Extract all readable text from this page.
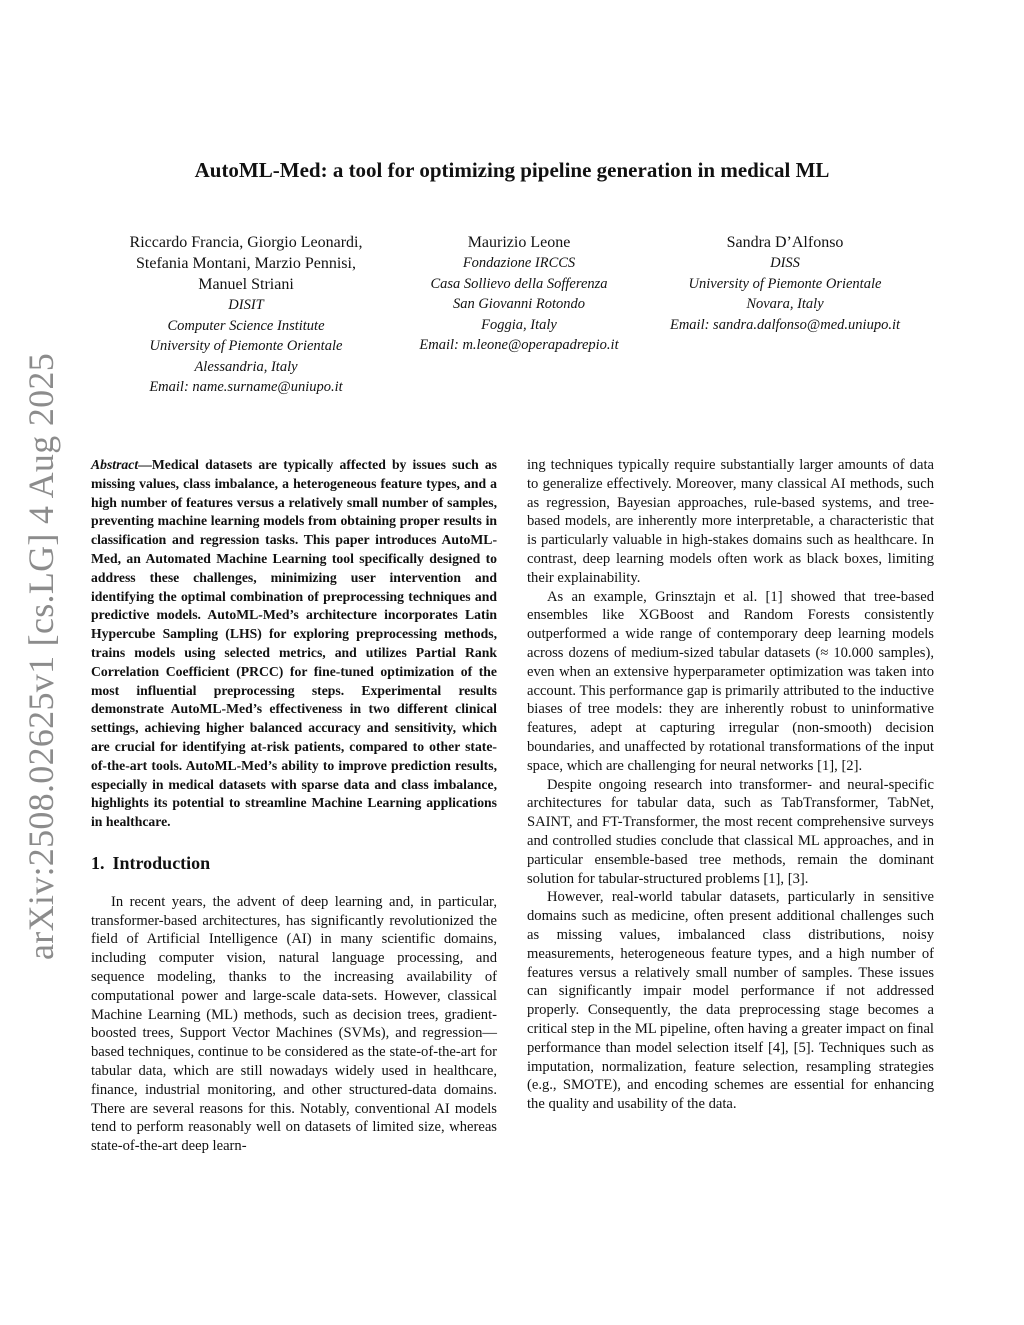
arXiv:2508.02625v1 [cs.LG] 4 Aug 2025
AutoML-Med: a tool for optimizing pipeline generation in medical ML
Riccardo Francia, Giorgio Leonardi,
Stefania Montani, Marzio Pennisi,
Manuel Striani
DISIT
Computer Science Institute
University of Piemonte Orientale
Alessandria, Italy
Email: name.surname@uniupo.it
Maurizio Leone
Fondazione IRCCS
Casa Sollievo della Sofferenza
San Giovanni Rotondo
Foggia, Italy
Email: m.leone@operapadrepio.it
Sandra D’Alfonso
DISS
University of Piemonte Orientale
Novara, Italy
Email: sandra.dalfonso@med.uniupo.it

Abstract—Medical datasets are typically affected by issues such as missing values, class imbalance, a heterogeneous feature types, and a high number of features versus a relatively small number of samples, preventing machine learning models from obtaining proper results in classification and regression tasks. This paper introduces AutoML-Med, an Automated Machine Learning tool specifically designed to address these challenges, minimizing user intervention and identifying the optimal combination of preprocessing techniques and predictive models. AutoML-Med’s architecture incorporates Latin Hypercube Sampling (LHS) for exploring preprocessing methods, trains models using selected metrics, and utilizes Partial Rank Correlation Coefficient (PRCC) for fine-tuned optimization of the most influential preprocessing steps. Experimental results demonstrate AutoML-Med’s effectiveness in two different clinical settings, achieving higher balanced accuracy and sensitivity, which are crucial for identifying at-risk patients, compared to other state-of-the-art tools. AutoML-Med’s ability to improve prediction results, especially in medical datasets with sparse data and class imbalance, highlights its potential to streamline Machine Learning applications in healthcare.

1. Introduction

In recent years, the advent of deep learning and, in particular, transformer-based architectures, has significantly revolutionized the field of Artificial Intelligence (AI) in many scientific domains, including computer vision, natural language processing, and sequence modeling, thanks to the increasing availability of computational power and large-scale data-sets. However, classical Machine Learning (ML) methods, such as decision trees, gradient-boosted trees, Support Vector Machines (SVMs), and regression—based techniques, continue to be considered as the state-of-the-art for tabular data, which are still nowadays widely used in healthcare, finance, industrial monitoring, and other structured-data domains. There are several reasons for this. Notably, conventional AI models tend to perform reasonably well on datasets of limited size, whereas state-of-the-art deep learn-

ing techniques typically require substantially larger amounts of data to generalize effectively. Moreover, many classical AI methods, such as regression, Bayesian approaches, rule-based systems, and tree-based models, are inherently more interpretable, a characteristic that is particularly valuable in high-stakes domains such as healthcare. In contrast, deep learning models often work as black boxes, limiting their explainability.

As an example, Grinsztajn et al. [1] showed that tree-based ensembles like XGBoost and Random Forests consistently outperformed a wide range of contemporary deep learning models across dozens of medium-sized tabular datasets (≈ 10.000 samples), even when an extensive hyperparameter optimization was taken into account. This performance gap is primarily attributed to the inductive biases of tree models: they are inherently robust to uninformative features, adept at capturing irregular (non-smooth) decision boundaries, and unaffected by rotational transformations of the input space, which are challenging for neural networks [1], [2].

Despite ongoing research into transformer- and neural-specific architectures for tabular data, such as TabTransformer, TabNet, SAINT, and FT-Transformer, the most recent comprehensive surveys and controlled studies conclude that classical ML approaches, and in particular ensemble-based tree methods, remain the dominant solution for tabular-structured problems [1], [3].

However, real-world tabular datasets, particularly in sensitive domains such as medicine, often present additional challenges such as missing values, imbalanced class distributions, noisy measurements, heterogeneous feature types, and a high number of features versus a relatively small number of samples. These issues can significantly impair model performance if not addressed properly. Consequently, the data preprocessing stage becomes a critical step in the ML pipeline, often having a greater impact on final performance than model selection itself [4], [5]. Techniques such as imputation, normalization, feature selection, resampling strategies (e.g., SMOTE), and encoding schemes are essential for enhancing the quality and usability of the data.
